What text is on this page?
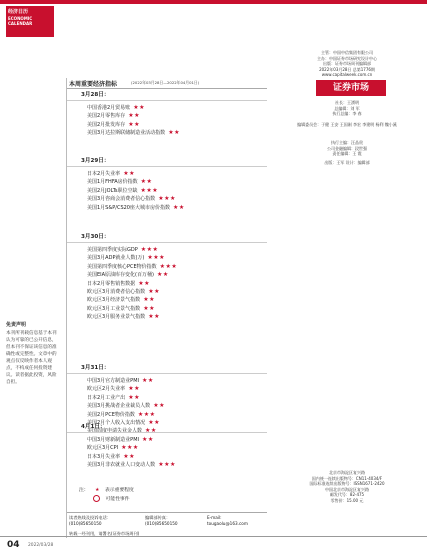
经济日历
ECONOMIC CALENDAR
免责声明
本刊所刊载信息基于本刊认为可靠的已公开信息，但本刊不保证该信息的准确性或完整性。文章中的观点仅反映作者本人观点，不构成任何投资建议。读者据此投资，风险自担。
本周重要经济指标	(2022年03月28日—2022年04月01日)
3月28日：
中国香港2月贸易账 ★★
美国2月零售库存 ★★
美国2月批发库存 ★★
美国3月达拉斯联储制造业活动指数 ★★
3月29日：
日本2月失业率 ★★
美国1月FHFA房价指数 ★★
美国2月JOLTs职位空缺 ★★★
美国3月咨商会消费者信心指数 ★★★
美国1月S&P/CS20座大城市房价指数 ★★
3月30日：
美国第四季度实际GDP ★★★
美国3月ADP就业人数(万) ★★★
美国第四季度核心PCE物价指数 ★★★
美国EIA原油库存变化(百万桶) ★★
日本2月零售销售数据 ★★
欧元区3月消费者信心指数 ★★
欧元区3月经济景气指数 ★★
欧元区3月工业景气指数 ★★
欧元区3月服务业景气指数 ★★
3月31日：
中国3月官方制造业PMI ★★
欧元区2月失业率 ★★
日本2月工业产出 ★★
美国3月挑战者企业裁员人数 ★★
美国2月PCE物价指数 ★★★
美国2月个人收入支出情况 ★★
美国周度申请失业金人数 ★★
4月1日：
中国3月财新制造业PMI ★★
欧元区3月CPI ★★★
日本3月失业率 ★★
美国3月非农就业人口变动人数 ★★★
注： ★ 表示重要程度
可能性事件
读者热线及投诉电话：
(010)85650150
编辑部传真：
(010)85650150
E-mail:
tougaolu@163.com
转载一经刊用，请署名(证券市场周刊)
主管：中国中信集团有限公司
主办：中国证券市场研究设计中心
出版：证券市场周刊编辑部
2022年03月28日 总第1776期
www.capitalweek.com.cn
证券市场
社长：王湧明
总编辑：刘 军
执行总编：李 春
编辑委员会：于健 王安 王国刚 李宏 李建明 杨利 魏小溪
执行主编：汪品贵
公司金融编辑：段世强
责任编辑：王 霞
出版：王军 设计：编辑部
北京市海淀区复兴路
国内统一连续出版物号：CN11-4034/F
国际标准连续出版物号：ISSN1671-2420
中国北京市海淀区复兴路
邮发代号：82-475
零售价：15.00 元
04 2022/03/28
